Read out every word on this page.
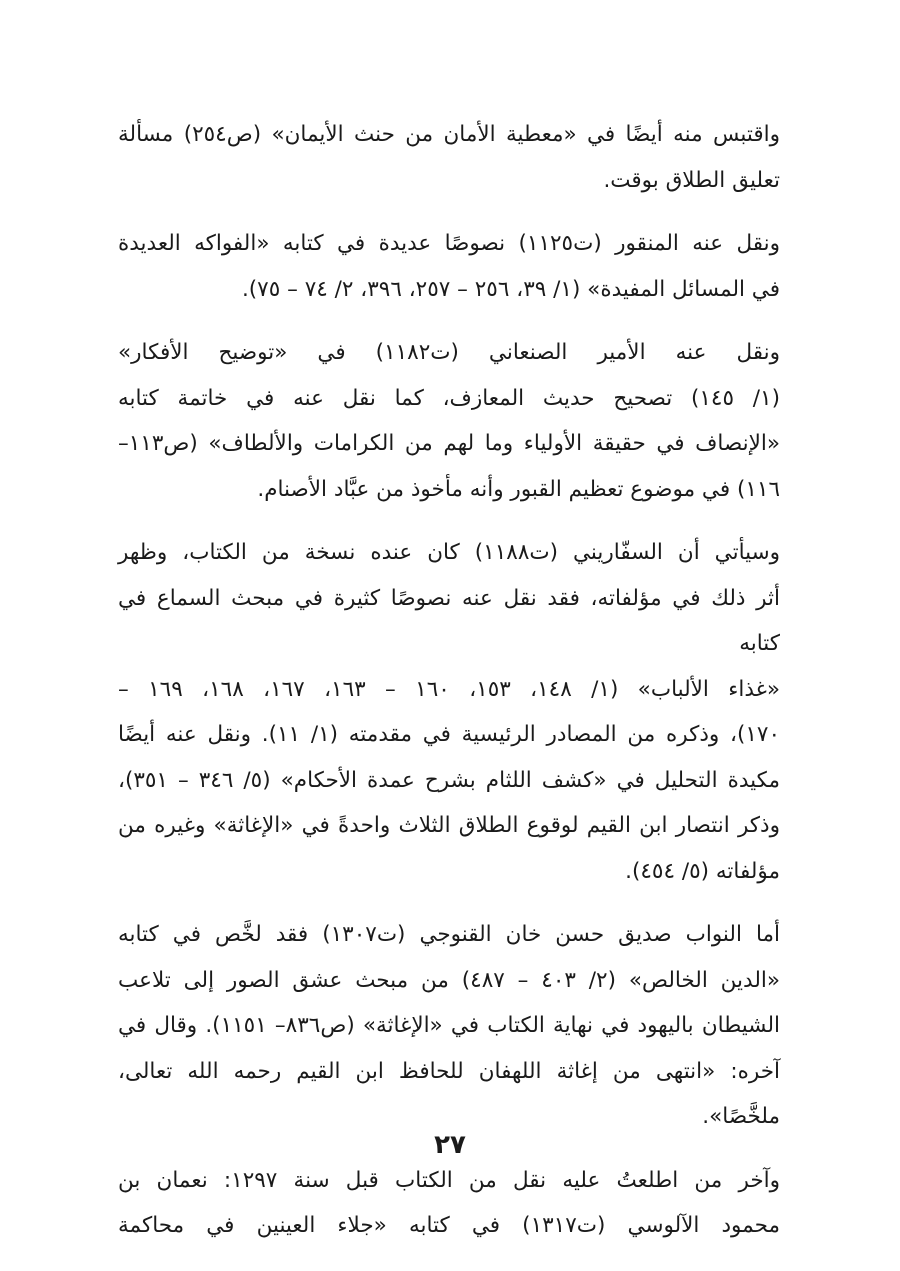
واقتبس منه أيضًا في «معطية الأمان من حنث الأيمان» (ص٢٥٤) مسألة
تعليق الطلاق بوقت.

ونقل عنه المنقور (ت١١٢٥) نصوصًا عديدة في كتابه «الفواكه العديدة
في المسائل المفيدة» (١/ ٣٩، ٢٥٦ – ٢٥٧، ٣٩٦، ٢/ ٧٤ – ٧٥).

ونقل عنه الأمير الصنعاني (ت١١٨٢) في «توضيح الأفكار»
(١/ ١٤٥) تصحيح حديث المعازف، كما نقل عنه في خاتمة كتابه
«الإنصاف في حقيقة الأولياء وما لهم من الكرامات والألطاف» (ص١١٣–
١١٦) في موضوع تعظيم القبور وأنه مأخوذ من عبَّاد الأصنام.

وسيأتي أن السفّاريني (ت١١٨٨) كان عنده نسخة من الكتاب، وظهر
أثر ذلك في مؤلفاته، فقد نقل عنه نصوصًا كثيرة في مبحث السماع في كتابه
«غذاء الألباب» (١/ ١٤٨، ١٥٣، ١٦٠ – ١٦٣، ١٦٧، ١٦٨، ١٦٩ –
١٧٠)، وذكره من المصادر الرئيسية في مقدمته (١/ ١١). ونقل عنه أيضًا
مكيدة التحليل في «كشف اللثام بشرح عمدة الأحكام» (٥/ ٣٤٦ – ٣٥١)،
وذكر انتصار ابن القيم لوقوع الطلاق الثلاث واحدةً في «الإغاثة» وغيره من
مؤلفاته (٥/ ٤٥٤).

أما النواب صديق حسن خان القنوجي (ت١٣٠٧) فقد لخَّص في كتابه
«الدين الخالص» (٢/ ٤٠٣ – ٤٨٧) من مبحث عشق الصور إلى تلاعب
الشيطان باليهود في نهاية الكتاب في «الإغاثة» (ص٨٣٦– ١١٥١). وقال في
آخره: «انتهى من إغاثة اللهفان للحافظ ابن القيم رحمه الله تعالى، ملخَّصًا».

وآخر من اطلعتُ عليه نقل من الكتاب قبل سنة ١٢٩٧: نعمان بن
محمود الآلوسي (ت١٣١٧) في كتابه «جلاء العينين في محاكمة

٢٧
